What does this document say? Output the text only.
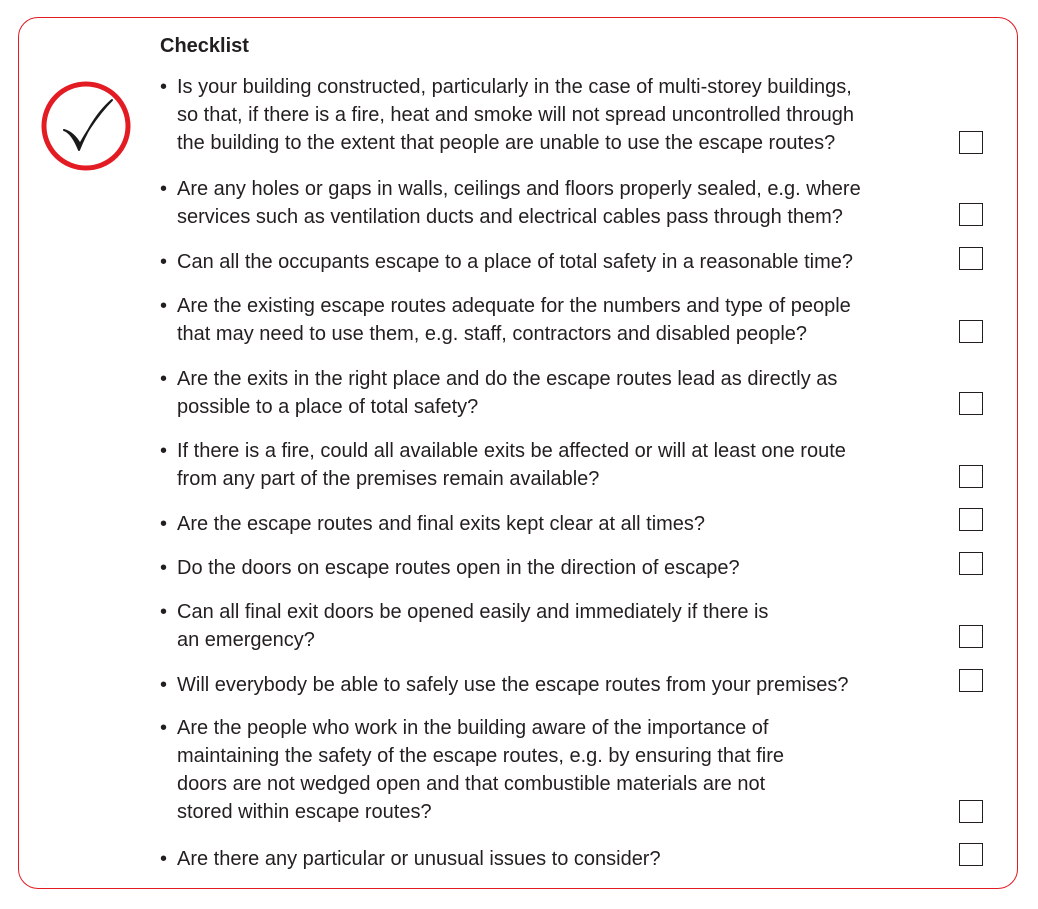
Checklist
• Is your building constructed, particularly in the case of multi-storey buildings,
so that, if there is a fire, heat and smoke will not spread uncontrolled through
the building to the extent that people are unable to use the escape routes?
• Are any holes or gaps in walls, ceilings and floors properly sealed, e.g. where
services such as ventilation ducts and electrical cables pass through them?
• Can all the occupants escape to a place of total safety in a reasonable time?
• Are the existing escape routes adequate for the numbers and type of people
that may need to use them, e.g. staff, contractors and disabled people?
• Are the exits in the right place and do the escape routes lead as directly as
possible to a place of total safety?
• If there is a fire, could all available exits be affected or will at least one route
from any part of the premises remain available?
• Are the escape routes and final exits kept clear at all times?
• Do the doors on escape routes open in the direction of escape?
• Can all final exit doors be opened easily and immediately if there is
an emergency?
• Will everybody be able to safely use the escape routes from your premises?
• Are the people who work in the building aware of the importance of
maintaining the safety of the escape routes, e.g. by ensuring that fire
doors are not wedged open and that combustible materials are not
stored within escape routes?
• Are there any particular or unusual issues to consider?
